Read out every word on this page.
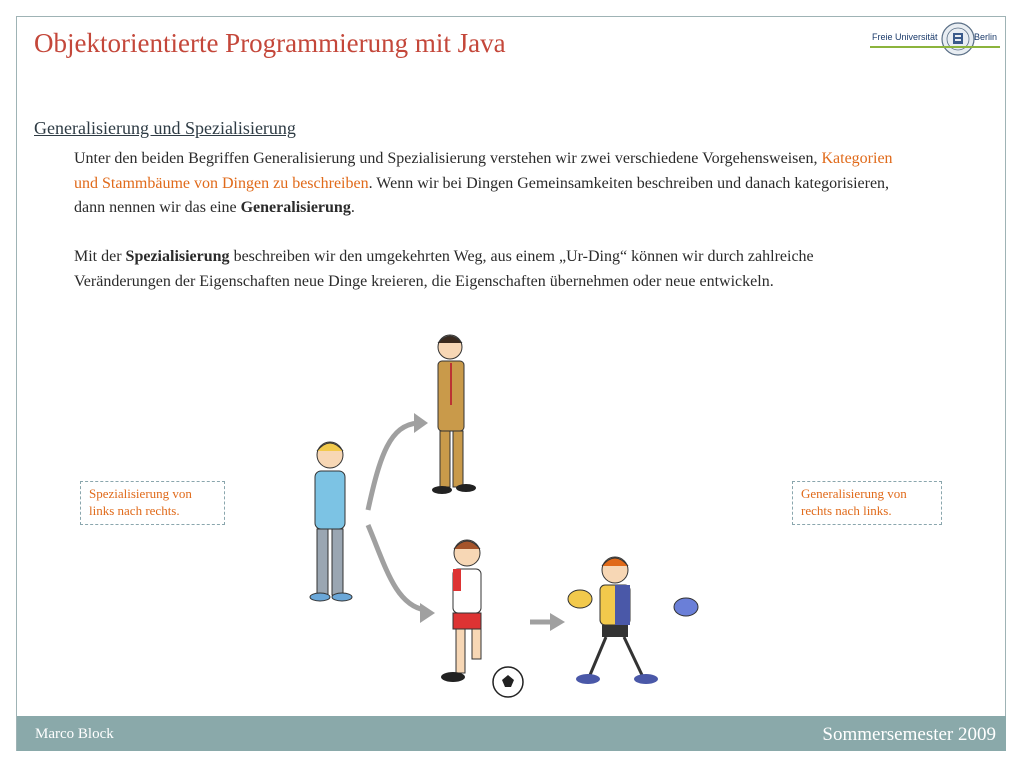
Objektorientierte Programmierung mit Java	Freie Universität	Berlin
Generalisierung und Spezialisierung
Unter den beiden Begriffen Generalisierung und Spezialisierung verstehen wir zwei verschiedene Vorgehensweisen, Kategorien und Stammbäume von Dingen zu beschreiben. Wenn wir bei Dingen Gemeinsamkeiten beschreiben und danach kategorisieren, dann nennen wir das eine Generalisierung.
Mit der Spezialisierung beschreiben wir den umgekehrten Weg, aus einem „Ur-Ding“ können wir durch zahlreiche Veränderungen der Eigenschaften neue Dinge kreieren, die Eigenschaften übernehmen oder neue entwickeln.
Spezialisierung von links nach rechts.
Generalisierung von rechts nach links.
Marco Block	Sommersemester 2009
